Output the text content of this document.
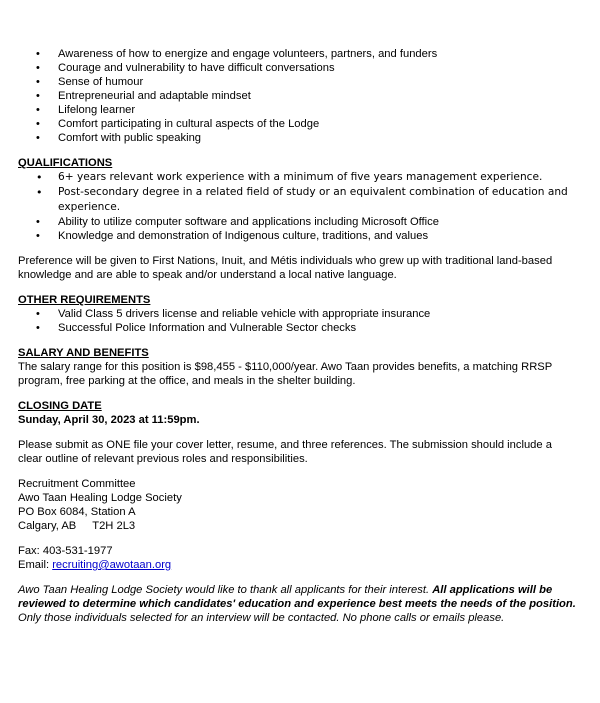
• Awareness of how to energize and engage volunteers, partners, and funders
• Courage and vulnerability to have difficult conversations
• Sense of humour
• Entrepreneurial and adaptable mindset
• Lifelong learner
• Comfort participating in cultural aspects of the Lodge
• Comfort with public speaking

QUALIFICATIONS

• 6+ years relevant work experience with a minimum of five years management experience.
• Post-secondary degree in a related field of study or an equivalent combination of education and experience.
• Ability to utilize computer software and applications including Microsoft Office
• Knowledge and demonstration of Indigenous culture, traditions, and values

Preference will be given to First Nations, Inuit, and Métis individuals who grew up with traditional land-based knowledge and are able to speak and/or understand a local native language.

OTHER REQUIREMENTS

• Valid Class 5 drivers license and reliable vehicle with appropriate insurance
• Successful Police Information and Vulnerable Sector checks

SALARY AND BENEFITS

The salary range for this position is $98,455 - $110,000/year. Awo Taan provides benefits, a matching RRSP program, free parking at the office, and meals in the shelter building.

CLOSING DATE

Sunday, April 30, 2023 at 11:59pm.

Please submit as ONE file your cover letter, resume, and three references. The submission should include a clear outline of relevant previous roles and responsibilities.

Recruitment Committee

Awo Taan Healing Lodge Society

PO Box 6084, Station A

Calgary, AB T2H 2L3

Fax: 403-531-1977

Email: recruiting@awotaan.org

Awo Taan Healing Lodge Society would like to thank all applicants for their interest. All applications will be reviewed to determine which candidates' education and experience best meets the needs of the position. Only those individuals selected for an interview will be contacted. No phone calls or emails please.
